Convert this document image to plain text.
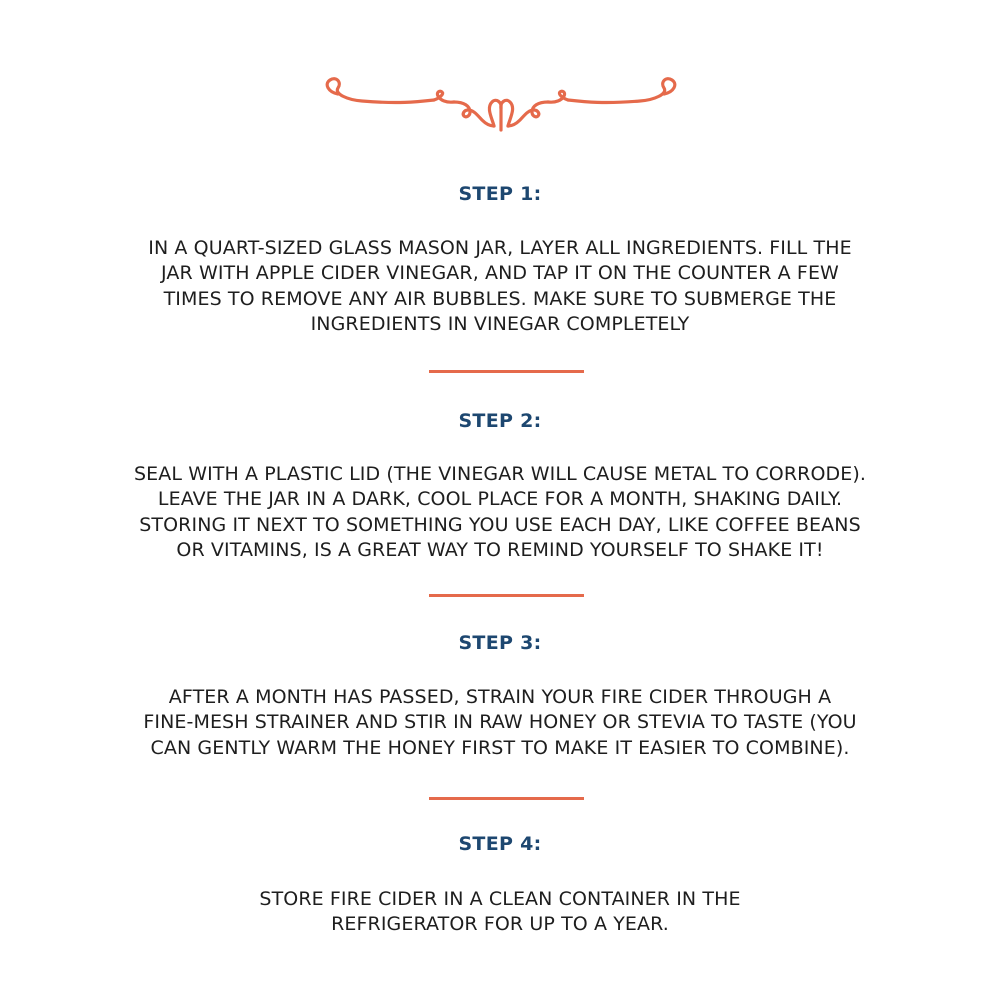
STEP 1:
IN A QUART-SIZED GLASS MASON JAR, LAYER ALL INGREDIENTS. FILL THE
JAR WITH APPLE CIDER VINEGAR, AND TAP IT ON THE COUNTER A FEW
TIMES TO REMOVE ANY AIR BUBBLES. MAKE SURE TO SUBMERGE THE
INGREDIENTS IN VINEGAR COMPLETELY
STEP 2:
SEAL WITH A PLASTIC LID (THE VINEGAR WILL CAUSE METAL TO CORRODE).
LEAVE THE JAR IN A DARK, COOL PLACE FOR A MONTH, SHAKING DAILY.
STORING IT NEXT TO SOMETHING YOU USE EACH DAY, LIKE COFFEE BEANS
OR VITAMINS, IS A GREAT WAY TO REMIND YOURSELF TO SHAKE IT!
STEP 3:
AFTER A MONTH HAS PASSED, STRAIN YOUR FIRE CIDER THROUGH A
FINE-MESH STRAINER AND STIR IN RAW HONEY OR STEVIA TO TASTE (YOU
CAN GENTLY WARM THE HONEY FIRST TO MAKE IT EASIER TO COMBINE).
STEP 4:
STORE FIRE CIDER IN A CLEAN CONTAINER IN THE
REFRIGERATOR FOR UP TO A YEAR.
